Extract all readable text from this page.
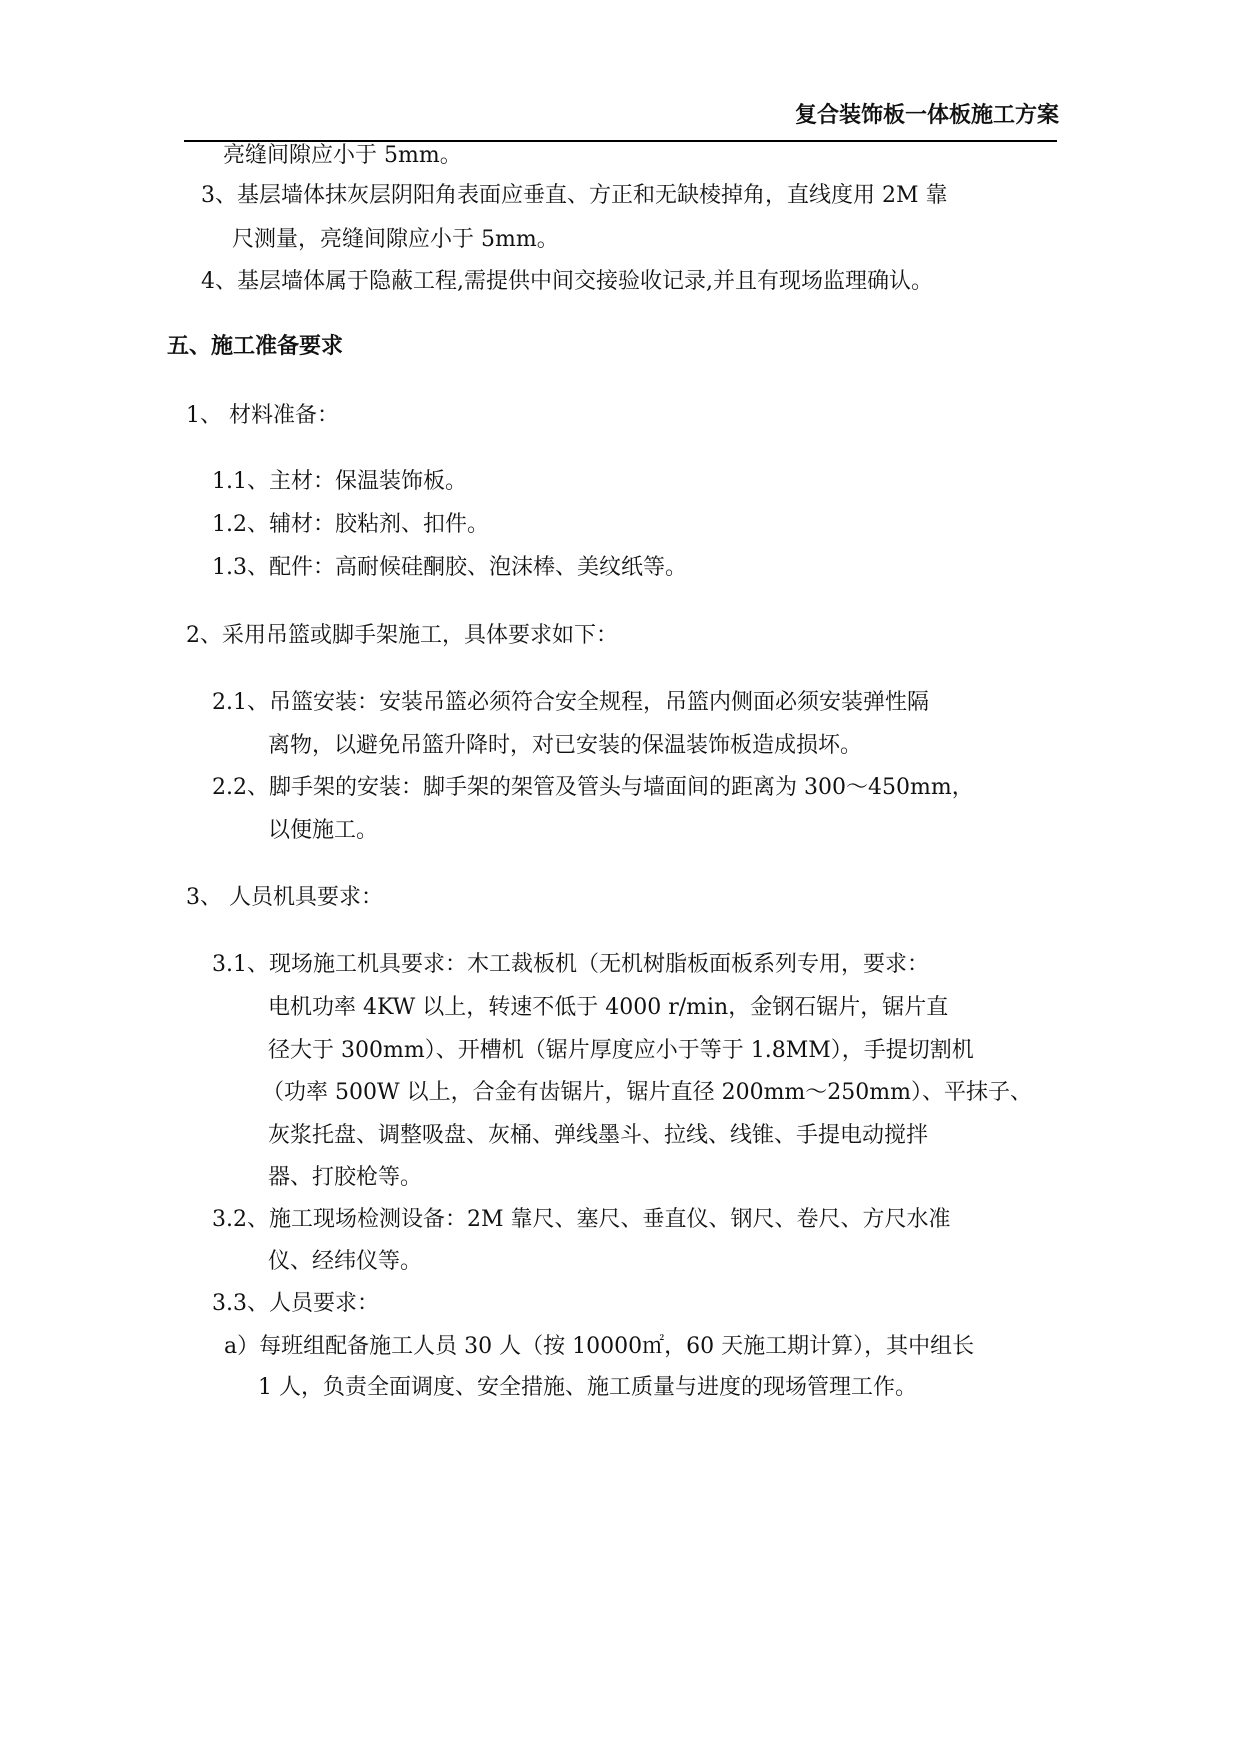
复合装饰板一体板施工方案
亮缝间隙应小于 5mm。
3、基层墙体抹灰层阴阳角表面应垂直、方正和无缺棱掉角，直线度用 2M 靠
尺测量，亮缝间隙应小于 5mm。
4、基层墙体属于隐蔽工程,需提供中间交接验收记录,并且有现场监理确认。
五、施工准备要求
1、 材料准备：
1.1、主材：保温装饰板。
1.2、辅材：胶粘剂、扣件。
1.3、配件：高耐候硅酮胶、泡沫棒、美纹纸等。
2、采用吊篮或脚手架施工，具体要求如下：
2.1、吊篮安装：安装吊篮必须符合安全规程，吊篮内侧面必须安装弹性隔
离物，以避免吊篮升降时，对已安装的保温装饰板造成损坏。
2.2、脚手架的安装：脚手架的架管及管头与墙面间的距离为 300～450mm，
以便施工。
3、 人员机具要求：
3.1、现场施工机具要求：木工裁板机（无机树脂板面板系列专用，要求：
电机功率 4KW 以上，转速不低于 4000 r/min，金钢石锯片，锯片直
径大于 300mm）、开槽机（锯片厚度应小于等于 1.8MM），手提切割机
（功率 500W 以上，合金有齿锯片，锯片直径 200mm～250mm）、平抹子、
灰浆托盘、调整吸盘、灰桶、弹线墨斗、拉线、线锥、手提电动搅拌
器、打胶枪等。
3.2、施工现场检测设备：2M 靠尺、塞尺、垂直仪、钢尺、卷尺、方尺水准
仪、经纬仪等。
3.3、人员要求：
a）每班组配备施工人员 30 人（按 10000㎡，60 天施工期计算），其中组长
1 人，负责全面调度、安全措施、施工质量与进度的现场管理工作。
